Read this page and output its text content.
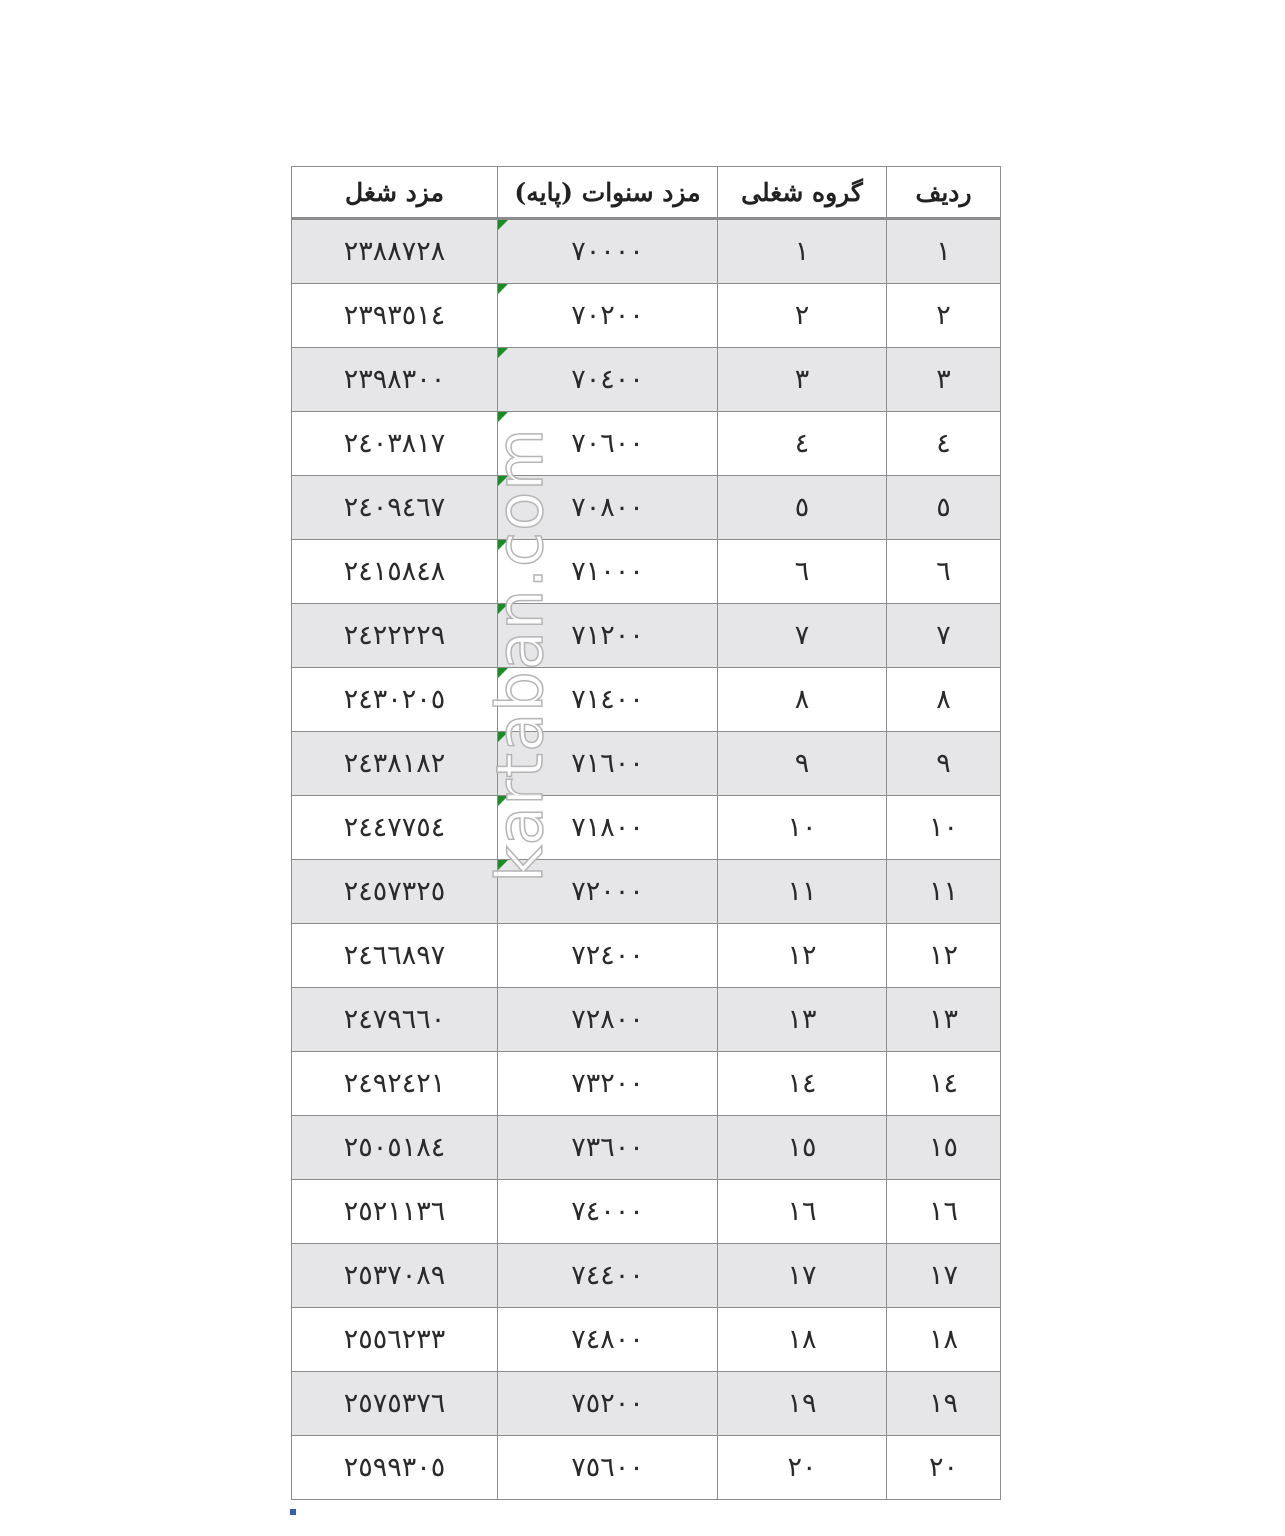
ردیف	گروه شغلی	مزد سنوات (پایه)	مزد شغل
١	١	٧٠٠٠٠	٢٣٨٨٧٢٨
٢	٢	٧٠٢٠٠	٢٣٩٣٥١٤
٣	٣	٧٠٤٠٠	٢٣٩٨٣٠٠
٤	٤	٧٠٦٠٠	٢٤٠٣٨١٧
٥	٥	٧٠٨٠٠	٢٤٠٩٤٦٧
٦	٦	٧١٠٠٠	٢٤١٥٨٤٨
٧	٧	٧١٢٠٠	٢٤٢٢٢٢٩
٨	٨	٧١٤٠٠	٢٤٣٠٢٠٥
٩	٩	٧١٦٠٠	٢٤٣٨١٨٢
١٠	١٠	٧١٨٠٠	٢٤٤٧٧٥٤
١١	١١	٧٢٠٠٠	٢٤٥٧٣٢٥
١٢	١٢	٧٢٤٠٠	٢٤٦٦٨٩٧
١٣	١٣	٧٢٨٠٠	٢٤٧٩٦٦٠
١٤	١٤	٧٣٢٠٠	٢٤٩٢٤٢١
١٥	١٥	٧٣٦٠٠	٢٥٠٥١٨٤
١٦	١٦	٧٤٠٠٠	٢٥٢١١٣٦
١٧	١٧	٧٤٤٠٠	٢٥٣٧٠٨٩
١٨	١٨	٧٤٨٠٠	٢٥٥٦٢٣٣
١٩	١٩	٧٥٢٠٠	٢٥٧٥٣٧٦
٢٠	٢٠	٧٥٦٠٠	٢٥٩٩٣٠٥
kartaban.com
